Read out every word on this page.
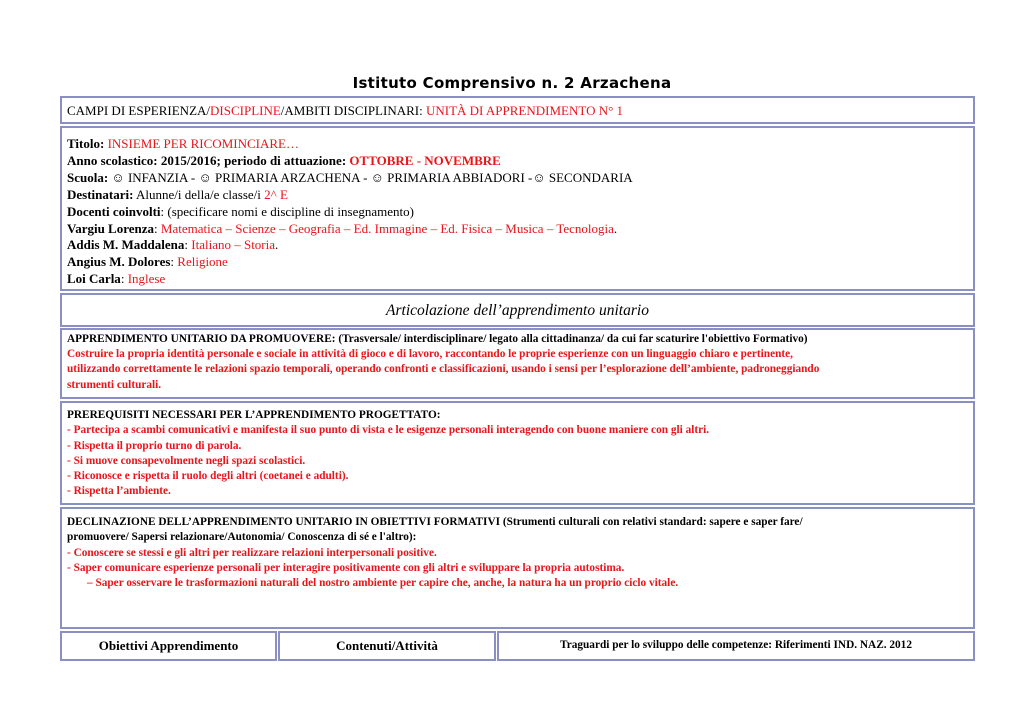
Istituto Comprensivo n. 2 Arzachena
CAMPI DI ESPERIENZA/DISCIPLINE/AMBITI DISCIPLINARI: UNITÀ DI APPRENDIMENTO N° 1
Titolo: INSIEME PER RICOMINCIARE…
Anno scolastico: 2015/2016; periodo di attuazione: OTTOBRE - NOVEMBRE
Scuola: ☺ INFANZIA - ☺ PRIMARIA ARZACHENA - ☺ PRIMARIA ABBIADORI -☺ SECONDARIA
Destinatari: Alunne/i della/e classe/i 2^ E
Docenti coinvolti: (specificare nomi e discipline di insegnamento)
Vargiu Lorenza: Matematica – Scienze – Geografia – Ed. Immagine – Ed. Fisica – Musica – Tecnologia.
Addis M. Maddalena: Italiano – Storia.
Angius M. Dolores: Religione
Loi Carla: Inglese
Articolazione dell’apprendimento unitario
APPRENDIMENTO UNITARIO DA PROMUOVERE: (Trasversale/ interdisciplinare/ legato alla cittadinanza/ da cui far scaturire l'obiettivo Formativo)
Costruire la propria identità personale e sociale in attività di gioco e di lavoro, raccontando le proprie esperienze con un linguaggio chiaro e pertinente,
utilizzando correttamente le relazioni spazio temporali, operando confronti e classificazioni, usando i sensi per l’esplorazione dell’ambiente, padroneggiando
strumenti culturali.
PREREQUISITI NECESSARI PER L’APPRENDIMENTO PROGETTATO:
- Partecipa a scambi comunicativi e manifesta il suo punto di vista e le esigenze personali interagendo con buone maniere con gli altri.
- Rispetta il proprio turno di parola.
- Si muove consapevolmente negli spazi scolastici.
- Riconosce e rispetta il ruolo degli altri (coetanei e adulti).
- Rispetta l’ambiente.
DECLINAZIONE DELL’APPRENDIMENTO UNITARIO IN OBIETTIVI FORMATIVI (Strumenti culturali con relativi standard: sapere e saper fare/
promuovere/ Sapersi relazionare/Autonomia/ Conoscenza di sé e l'altro):
- Conoscere se stessi e gli altri per realizzare relazioni interpersonali positive.
- Saper comunicare esperienze personali per interagire positivamente con gli altri e sviluppare la propria autostima.
– Saper osservare le trasformazioni naturali del nostro ambiente per capire che, anche, la natura ha un proprio ciclo vitale.
Obiettivi Apprendimento	Contenuti/Attività	Traguardi per lo sviluppo delle competenze: Riferimenti IND. NAZ. 2012
